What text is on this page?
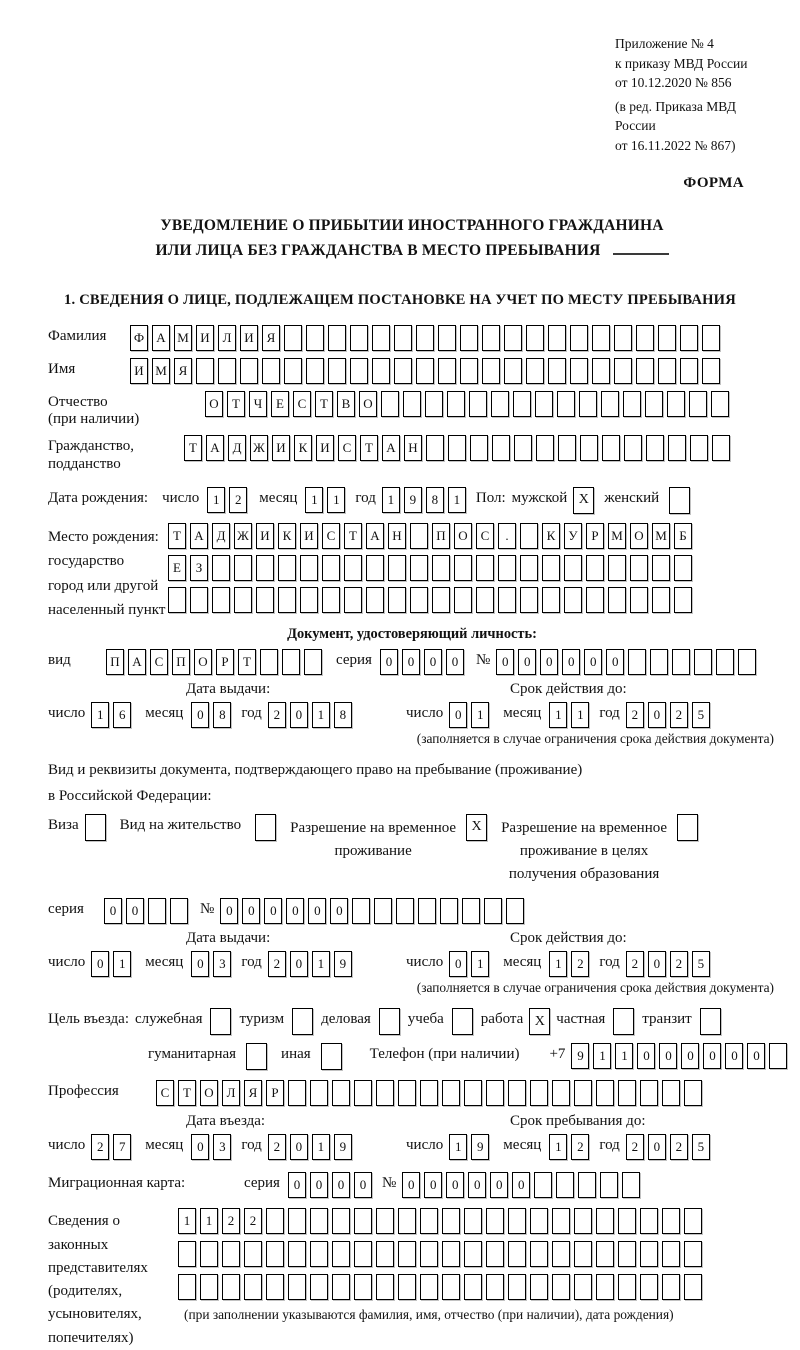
Приложение № 4
к приказу МВД России
от 10.12.2020 № 856
(в ред. Приказа МВД России
от 16.11.2022 № 867)
ФОРМА
УВЕДОМЛЕНИЕ О ПРИБЫТИИ ИНОСТРАННОГО ГРАЖДАНИНА
ИЛИ ЛИЦА БЕЗ ГРАЖДАНСТВА В МЕСТО ПРЕБЫВАНИЯ
1. СВЕДЕНИЯ О ЛИЦЕ, ПОДЛЕЖАЩЕМ ПОСТАНОВКЕ НА УЧЕТ ПО МЕСТУ ПРЕБЫВАНИЯ
Фамилия	Ф А М И Л И Я
Имя	И М Я
Отчество
(при наличии)
О	Т	Ч	Е	С	Т	В О
Гражданство,
подданство
Т	А Д Ж И К И С	Т	А Н
Дата рождения: число	1	2	месяц	1	1	год 1	9	8	1	Пол: мужской X	женский
Место рождения:
государство
город или другой
населенный пункт
Т	А Д Ж И К И С	Т	А Н	П О С	.	К	У	Р М О М Б
Е	З
Документ, удостоверяющий личность:
вид	П А С П О	Р	Т	серия	0	0	0	0	№ 0	0	0	0	0	0
Дата выдачи:
число 1	6	месяц	0	8	год 2	0	1	8
Срок действия до:
число 0	1	месяц	1	1	год 2	0	2	5
(заполняется в случае ограничения срока действия документа)
Вид и реквизиты документа, подтверждающего право на пребывание (проживание)
в Российской Федерации:
Виза	Вид на жительство	Разрешение на временное
проживание
X	Разрешение на временное
проживание в целях
получения образования
серия	0	0	№ 0	0	0	0	0	0
Дата выдачи:
число 0	1	месяц	0	3	год 2	0	1	9
Срок действия до:
число 0	1	месяц	1	2	год 2	0	2	5
(заполняется в случае ограничения срока действия документа)
Цель въезда: служебная туризм деловая учеба работа X частная транзит
гуманитарная	иная	Телефон (при наличии) +7 9	1	1	0	0	0	0	0	0
Профессия	С	Т	О Л	Я	Р
Дата въезда:
число 2	7	месяц	0	3	год 2	0	1	9
Срок пребывания до:
число 1	9	месяц	1	2	год 2	0	2	5
Миграционная карта:	серия	0	0	0	0	№ 0	0	0	0	0	0
Сведения о
законных
представителях
(родителях,
усыновителях,
попечителях)
1	1	2	2
(при заполнении указываются фамилия, имя, отчество (при наличии), дата рождения)
